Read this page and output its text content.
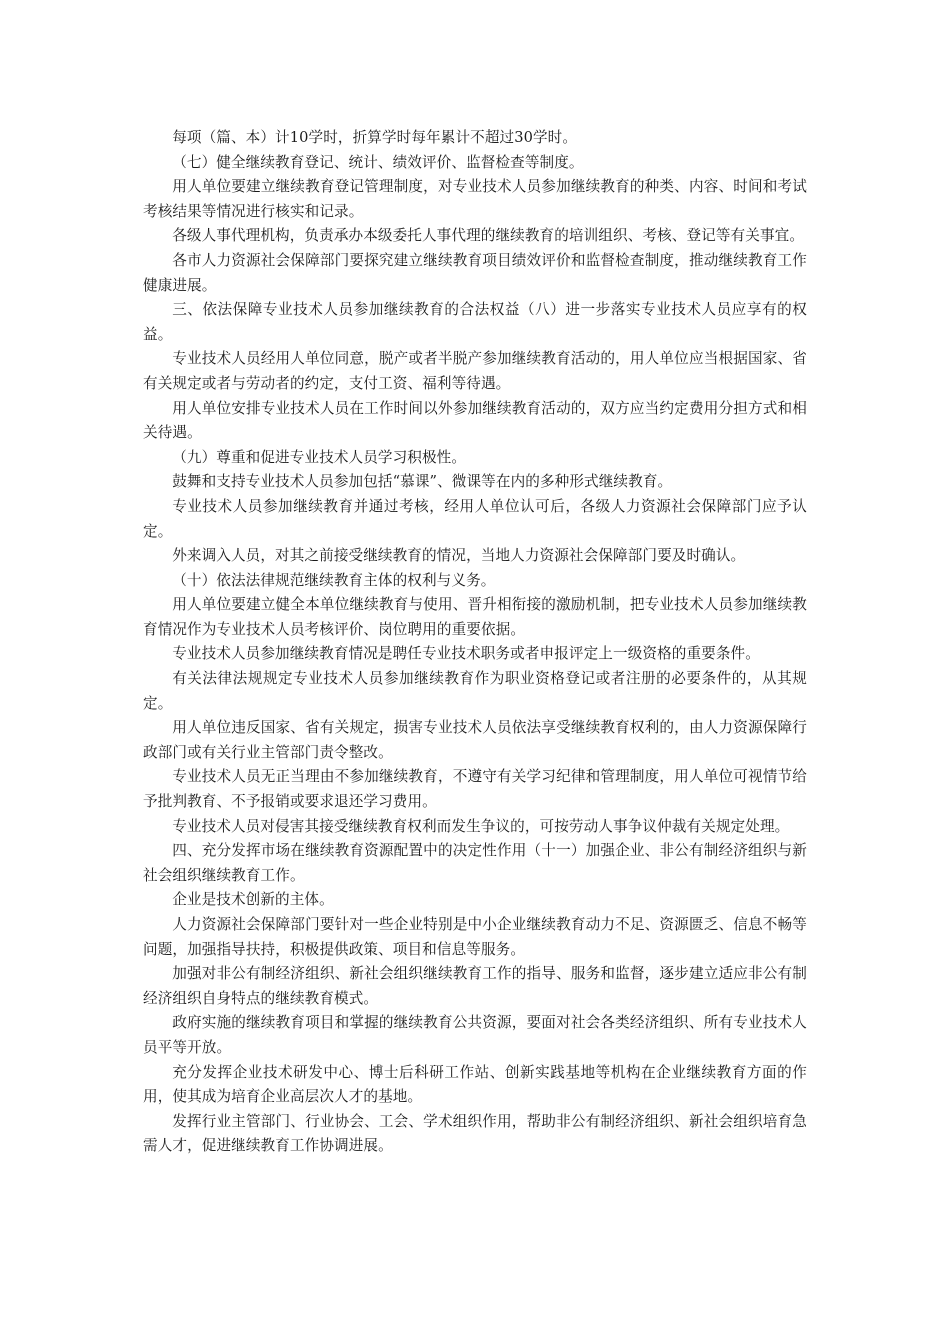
每项（篇、本）计10学时，折算学时每年累计不超过30学时。

（七）健全继续教育登记、统计、绩效评价、监督检查等制度。

用人单位要建立继续教育登记管理制度，对专业技术人员参加继续教育的种类、内容、时间和考试考核结果等情况进行核实和记录。

各级人事代理机构，负责承办本级委托人事代理的继续教育的培训组织、考核、登记等有关事宜。

各市人力资源社会保障部门要探究建立继续教育项目绩效评价和监督检查制度，推动继续教育工作健康进展。

三、依法保障专业技术人员参加继续教育的合法权益（八）进一步落实专业技术人员应享有的权益。

专业技术人员经用人单位同意，脱产或者半脱产参加继续教育活动的，用人单位应当根据国家、省有关规定或者与劳动者的约定，支付工资、福利等待遇。

用人单位安排专业技术人员在工作时间以外参加继续教育活动的，双方应当约定费用分担方式和相关待遇。

（九）尊重和促进专业技术人员学习积极性。

鼓舞和支持专业技术人员参加包括“慕课”、微课等在内的多种形式继续教育。

专业技术人员参加继续教育并通过考核，经用人单位认可后，各级人力资源社会保障部门应予认定。

外来调入人员，对其之前接受继续教育的情况，当地人力资源社会保障部门要及时确认。

（十）依法法律规范继续教育主体的权利与义务。

用人单位要建立健全本单位继续教育与使用、晋升相衔接的激励机制，把专业技术人员参加继续教育情况作为专业技术人员考核评价、岗位聘用的重要依据。

专业技术人员参加继续教育情况是聘任专业技术职务或者申报评定上一级资格的重要条件。

有关法律法规规定专业技术人员参加继续教育作为职业资格登记或者注册的必要条件的，从其规定。

用人单位违反国家、省有关规定，损害专业技术人员依法享受继续教育权利的，由人力资源保障行政部门或有关行业主管部门责令整改。

专业技术人员无正当理由不参加继续教育，不遵守有关学习纪律和管理制度，用人单位可视情节给予批判教育、不予报销或要求退还学习费用。

专业技术人员对侵害其接受继续教育权利而发生争议的，可按劳动人事争议仲裁有关规定处理。

四、充分发挥市场在继续教育资源配置中的决定性作用（十一）加强企业、非公有制经济组织与新社会组织继续教育工作。

企业是技术创新的主体。

人力资源社会保障部门要针对一些企业特别是中小企业继续教育动力不足、资源匮乏、信息不畅等问题，加强指导扶持，积极提供政策、项目和信息等服务。

加强对非公有制经济组织、新社会组织继续教育工作的指导、服务和监督，逐步建立适应非公有制经济组织自身特点的继续教育模式。

政府实施的继续教育项目和掌握的继续教育公共资源，要面对社会各类经济组织、所有专业技术人员平等开放。

充分发挥企业技术研发中心、博士后科研工作站、创新实践基地等机构在企业继续教育方面的作用，使其成为培育企业高层次人才的基地。

发挥行业主管部门、行业协会、工会、学术组织作用，帮助非公有制经济组织、新社会组织培育急需人才，促进继续教育工作协调进展。
